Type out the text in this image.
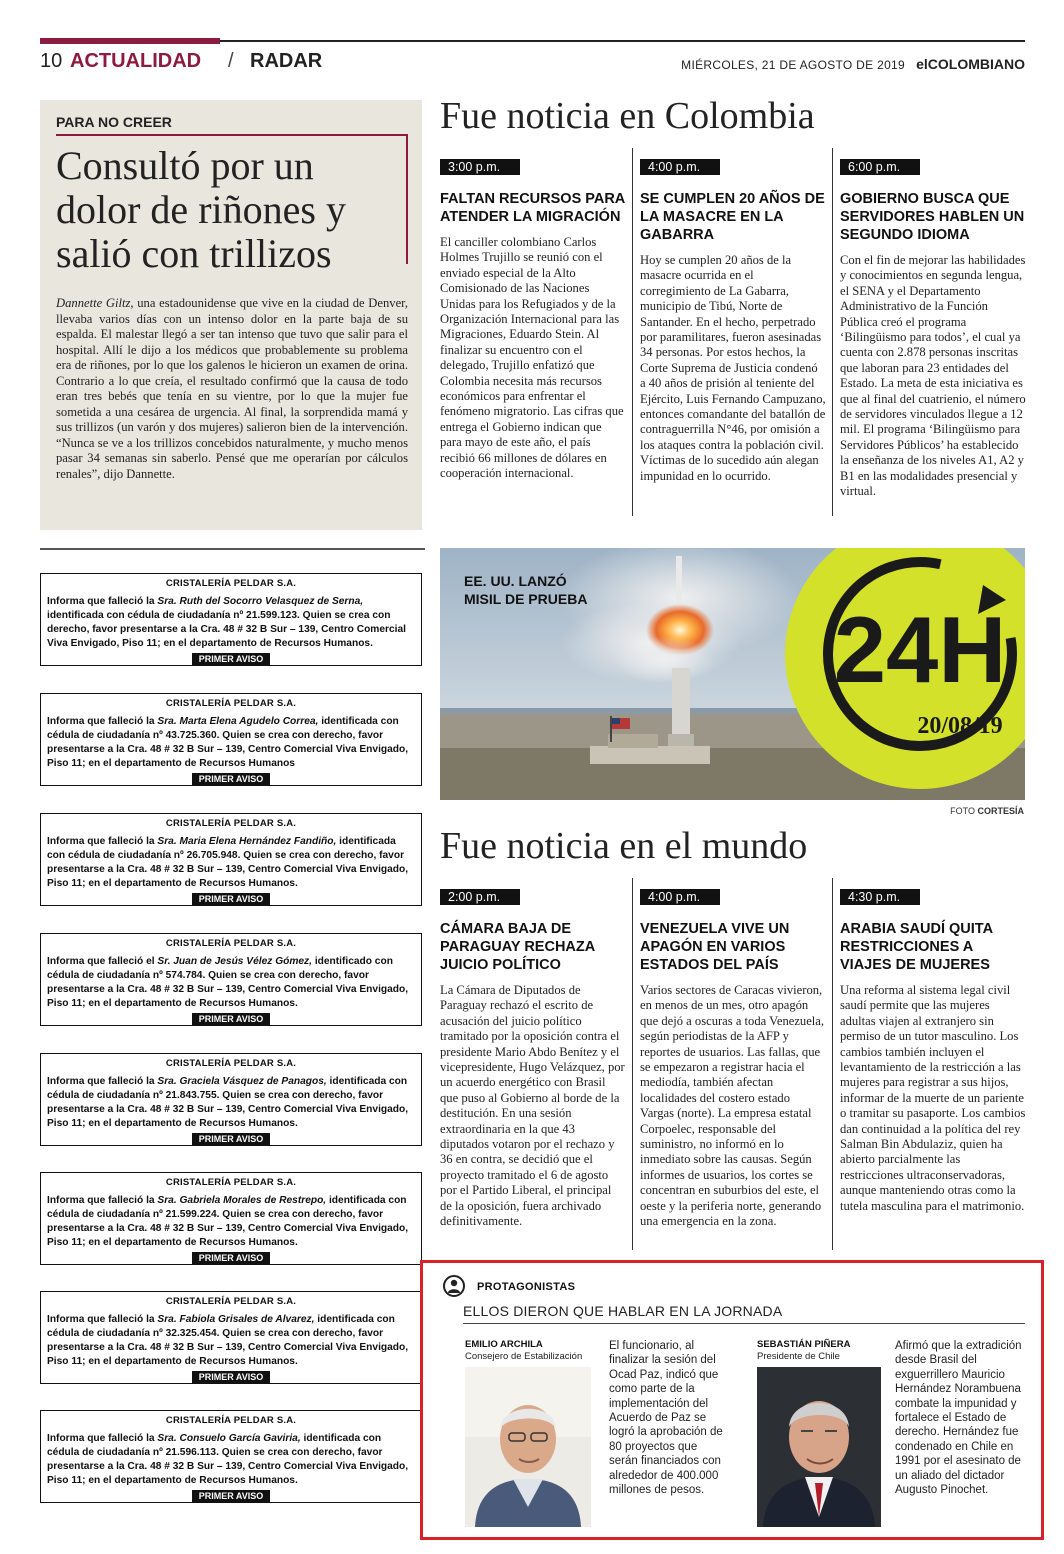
10 ACTUALIDAD / RADAR	MIÉRCOLES, 21 DE AGOSTO DE 2019 elCOLOMBIANO
PARA NO CREER
Consultó por un dolor de riñones y salió con trillizos
Dannette Giltz, una estadounidense que vive en la ciudad de Denver, llevaba varios días con un intenso dolor en la parte baja de su espalda. El malestar llegó a ser tan intenso que tuvo que salir para el hospital. Allí le dijo a los médicos que probablemente su problema era de riñones, por lo que los galenos le hicieron un examen de orina. Contrario a lo que creía, el resultado confirmó que la causa de todo eran tres bebés que tenía en su vientre, por lo que la mujer fue sometida a una cesárea de urgencia. Al final, la sorprendida mamá y sus trillizos (un varón y dos mujeres) salieron bien de la intervención. “Nunca se ve a los trillizos concebidos naturalmente, y mucho menos pasar 34 semanas sin saberlo. Pensé que me operarían por cálculos renales”, dijo Dannette.
Fue noticia en Colombia
3:00 p.m.
FALTAN RECURSOS PARA ATENDER LA MIGRACIÓN
El canciller colombiano Carlos Holmes Trujillo se reunió con el enviado especial de la Alto Comisionado de las Naciones Unidas para los Refugiados y de la Organización Internacional para las Migraciones, Eduardo Stein. Al finalizar su encuentro con el delegado, Trujillo enfatizó que Colombia necesita más recursos económicos para enfrentar el fenómeno migratorio. Las cifras que entrega el Gobierno indican que para mayo de este año, el país recibió 66 millones de dólares en cooperación internacional.
4:00 p.m.
SE CUMPLEN 20 AÑOS DE LA MASACRE EN LA GABARRA
Hoy se cumplen 20 años de la masacre ocurrida en el corregimiento de La Gabarra, municipio de Tibú, Norte de Santander. En el hecho, perpetrado por paramilitares, fueron asesinadas 34 personas. Por estos hechos, la Corte Suprema de Justicia condenó a 40 años de prisión al teniente del Ejército, Luis Fernando Campuzano, entonces comandante del batallón de contraguerrilla N°46, por omisión a los ataques contra la población civil. Víctimas de lo sucedido aún alegan impunidad en lo ocurrido.
6:00 p.m.
GOBIERNO BUSCA QUE SERVIDORES HABLEN UN SEGUNDO IDIOMA
Con el fin de mejorar las habilidades y conocimientos en segunda lengua, el SENA y el Departamento Administrativo de la Función Pública creó el programa ‘Bilingüismo para todos’, el cual ya cuenta con 2.878 personas inscritas que laboran para 23 entidades del Estado. La meta de esta iniciativa es que al final del cuatrienio, el número de servidores vinculados llegue a 12 mil. El programa ‘Bilingüismo para Servidores Públicos’ ha establecido la enseñanza de los niveles A1, A2 y B1 en las modalidades presencial y virtual.
CRISTALERÍA PELDAR S.A.
Informa que falleció la Sra. Ruth del Socorro Velasquez de Serna, identificada con cédula de ciudadanía nº 21.599.123. Quien se crea con derecho, favor presentarse a la Cra. 48 # 32 B Sur – 139, Centro Comercial Viva Envigado, Piso 11; en el departamento de Recursos Humanos.
PRIMER AVISO
CRISTALERÍA PELDAR S.A.
Informa que falleció la Sra. Marta Elena Agudelo Correa, identificada con cédula de ciudadanía nº 43.725.360. Quien se crea con derecho, favor presentarse a la Cra. 48 # 32 B Sur – 139, Centro Comercial Viva Envigado, Piso 11; en el departamento de Recursos Humanos
PRIMER AVISO
CRISTALERÍA PELDAR S.A.
Informa que falleció la Sra. Maria Elena Hernández Fandiño, identificada con cédula de ciudadanía nº 26.705.948. Quien se crea con derecho, favor presentarse a la Cra. 48 # 32 B Sur – 139, Centro Comercial Viva Envigado, Piso 11; en el departamento de Recursos Humanos.
PRIMER AVISO
CRISTALERÍA PELDAR S.A.
Informa que falleció el Sr. Juan de Jesús Vélez Gómez, identificado con cédula de ciudadanía nº 574.784. Quien se crea con derecho, favor presentarse a la Cra. 48 # 32 B Sur – 139, Centro Comercial Viva Envigado, Piso 11; en el departamento de Recursos Humanos.
PRIMER AVISO
CRISTALERÍA PELDAR S.A.
Informa que falleció la Sra. Graciela Vásquez de Panagos, identificada con cédula de ciudadanía nº 21.843.755. Quien se crea con derecho, favor presentarse a la Cra. 48 # 32 B Sur – 139, Centro Comercial Viva Envigado, Piso 11; en el departamento de Recursos Humanos.
PRIMER AVISO
CRISTALERÍA PELDAR S.A.
Informa que falleció la Sra. Gabriela Morales de Restrepo, identificada con cédula de ciudadanía nº 21.599.224. Quien se crea con derecho, favor presentarse a la Cra. 48 # 32 B Sur – 139, Centro Comercial Viva Envigado, Piso 11; en el departamento de Recursos Humanos.
PRIMER AVISO
CRISTALERÍA PELDAR S.A.
Informa que falleció la Sra. Fabiola Grisales de Alvarez, identificada con cédula de ciudadanía nº 32.325.454. Quien se crea con derecho, favor presentarse a la Cra. 48 # 32 B Sur – 139, Centro Comercial Viva Envigado, Piso 11; en el departamento de Recursos Humanos.
PRIMER AVISO
CRISTALERÍA PELDAR S.A.
Informa que falleció la Sra. Consuelo García Gaviria, identificada con cédula de ciudadanía nº 21.596.113. Quien se crea con derecho, favor presentarse a la Cra. 48 # 32 B Sur – 139, Centro Comercial Viva Envigado, Piso 11; en el departamento de Recursos Humanos.
PRIMER AVISO
24H
20/08/19
EE. UU. LANZÓ
MISIL DE PRUEBA
FOTO CORTESÍA
Fue noticia en el mundo
2:00 p.m.
CÁMARA BAJA DE PARAGUAY RECHAZA JUICIO POLÍTICO
La Cámara de Diputados de Paraguay rechazó el escrito de acusación del juicio político tramitado por la oposición contra el presidente Mario Abdo Benítez y el vicepresidente, Hugo Velázquez, por un acuerdo energético con Brasil que puso al Gobierno al borde de la destitución. En una sesión extraordinaria en la que 43 diputados votaron por el rechazo y 36 en contra, se decidió que el proyecto tramitado el 6 de agosto por el Partido Liberal, el principal de la oposición, fuera archivado definitivamente.
4:00 p.m.
VENEZUELA VIVE UN APAGÓN EN VARIOS ESTADOS DEL PAÍS
Varios sectores de Caracas vivieron, en menos de un mes, otro apagón que dejó a oscuras a toda Venezuela, según periodistas de la AFP y reportes de usuarios. Las fallas, que se empezaron a registrar hacia el mediodía, también afectan localidades del costero estado Vargas (norte). La empresa estatal Corpoelec, responsable del suministro, no informó en lo inmediato sobre las causas. Según informes de usuarios, los cortes se concentran en suburbios del este, el oeste y la periferia norte, generando una emergencia en la zona.
4:30 p.m.
ARABIA SAUDÍ QUITA RESTRICCIONES A VIAJES DE MUJERES
Una reforma al sistema legal civil saudí permite que las mujeres adultas viajen al extranjero sin permiso de un tutor masculino. Los cambios también incluyen el levantamiento de la restricción a las mujeres para registrar a sus hijos, informar de la muerte de un pariente o tramitar su pasaporte. Los cambios dan continuidad a la política del rey Salman Bin Abdulaziz, quien ha abierto parcialmente las restricciones ultraconservadoras, aunque manteniendo otras como la tutela masculina para el matrimonio.
PROTAGONISTAS
ELLOS DIERON QUE HABLAR EN LA JORNADA
EMILIO ARCHILA
Consejero de Estabilización
El funcionario, al finalizar la sesión del Ocad Paz, indicó que como parte de la implementación del Acuerdo de Paz se logró la aprobación de 80 proyectos que serán financiados con alrededor de 400.000 millones de pesos.
SEBASTIÁN PIÑERA
Presidente de Chile
Afirmó que la extradición desde Brasil del exguerrillero Mauricio Hernández Norambuena combate la impunidad y fortalece el Estado de derecho. Hernández fue condenado en Chile en 1991 por el asesinato de un aliado del dictador Augusto Pinochet.
